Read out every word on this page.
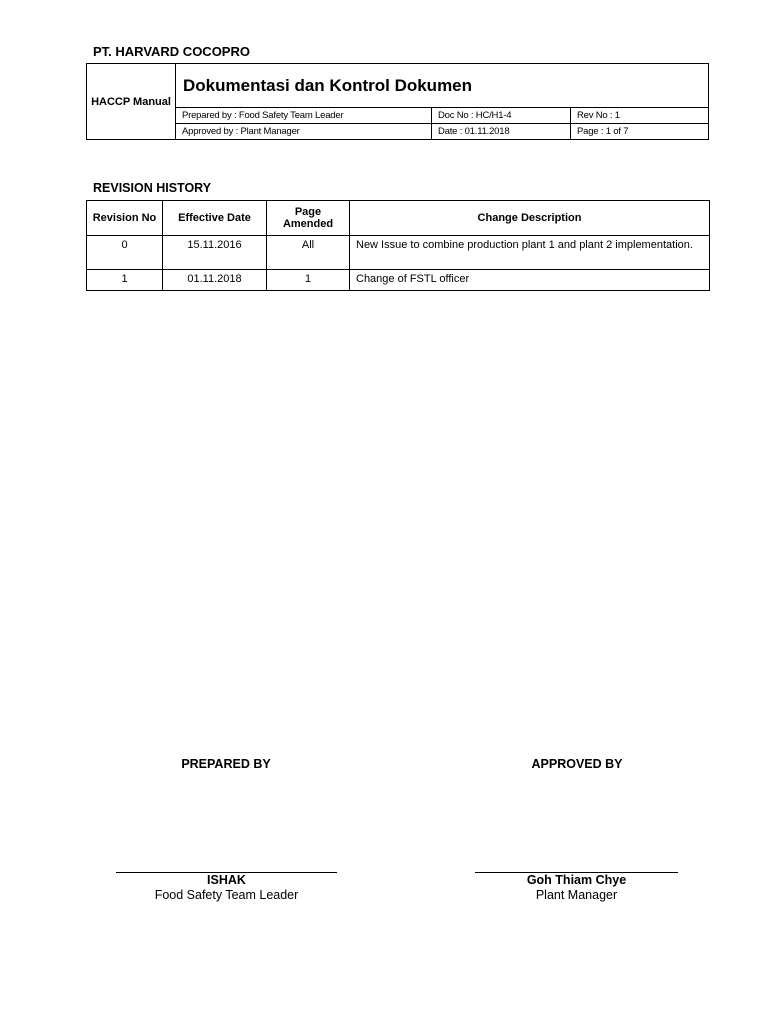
PT. HARVARD COCOPRO
HACCP Manual	Dokumentasi dan Kontrol Dokumen		
	Prepared by : Food Safety Team Leader	Doc No : HC/H1-4	Rev No : 1
	Approved by : Plant Manager	Date : 01.11.2018	Page : 1 of 7
REVISION HISTORY
Revision No	Effective Date	Page Amended	Change Description
0	15.11.2016	All	New Issue to combine production plant 1 and plant 2 implementation.
1	01.11.2018	1	Change of FSTL officer
PREPARED BY	APPROVED BY
ISHAK
Food Safety Team Leader
Goh Thiam Chye
Plant Manager
